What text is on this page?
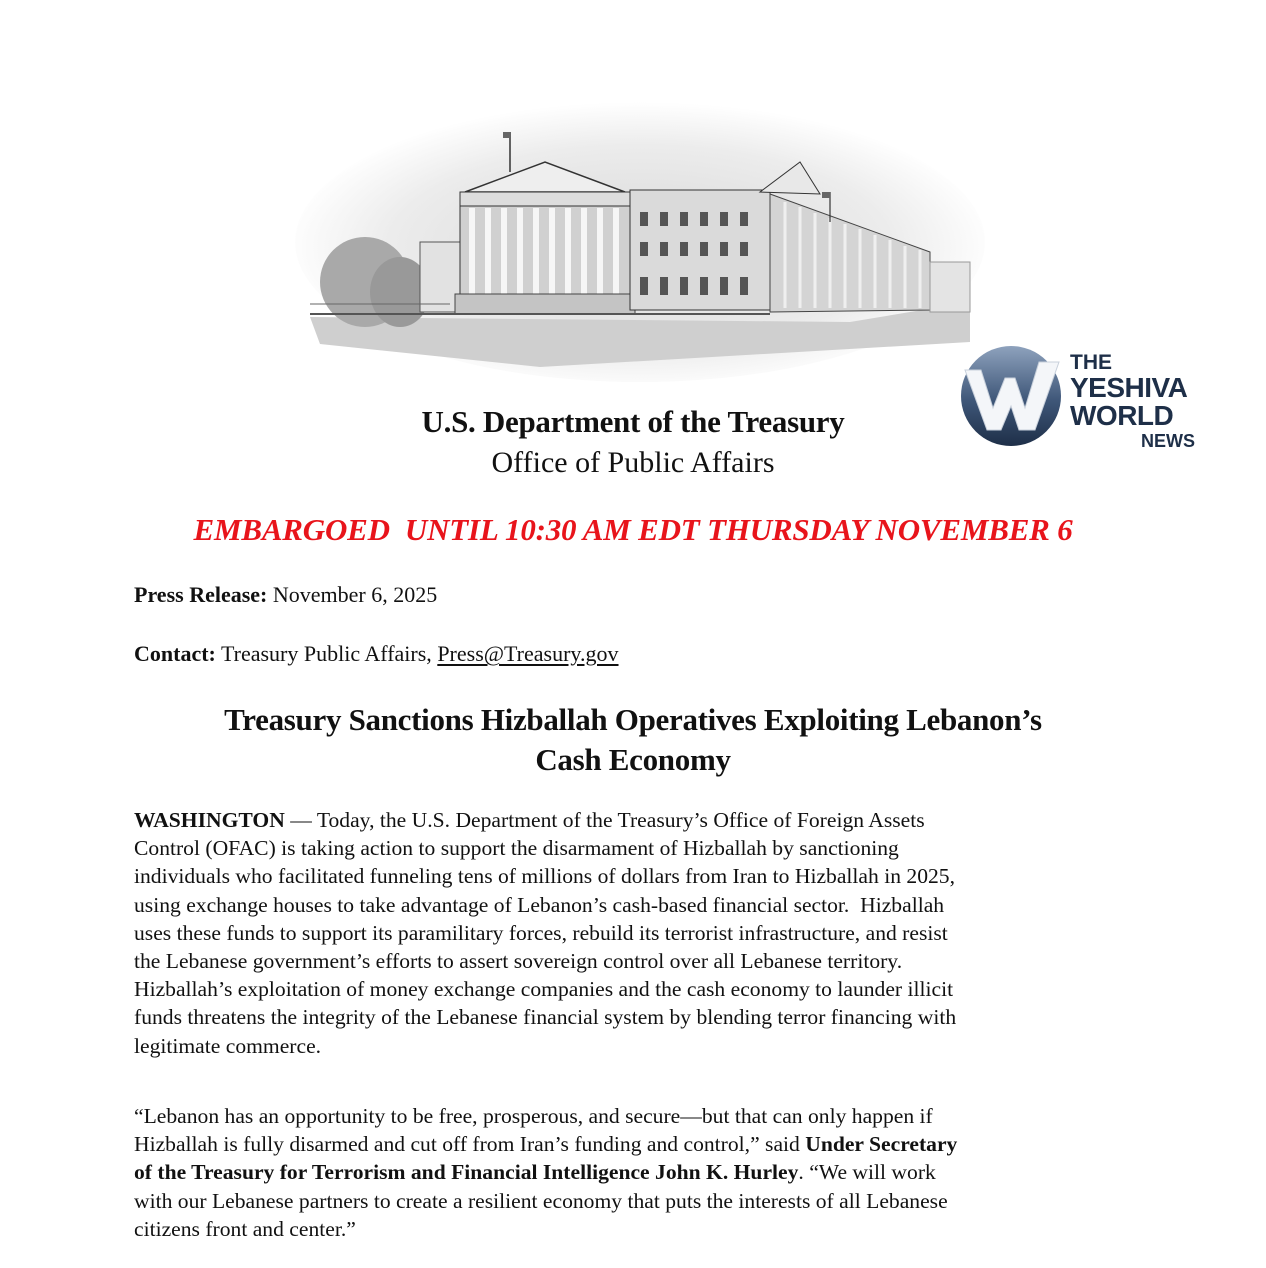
THE
YESHIVA
WORLD
NEWS
U.S. Department of the Treasury
Office of Public Affairs
EMBARGOED  UNTIL 10:30 AM EDT THURSDAY NOVEMBER 6
Press Release: November 6, 2025
Contact: Treasury Public Affairs, Press@Treasury.gov
Treasury Sanctions Hizballah Operatives Exploiting Lebanon’s
Cash Economy
WASHINGTON — Today, the U.S. Department of the Treasury’s Office of Foreign Assets
Control (OFAC) is taking action to support the disarmament of Hizballah by sanctioning
individuals who facilitated funneling tens of millions of dollars from Iran to Hizballah in 2025,
using exchange houses to take advantage of Lebanon’s cash-based financial sector.  Hizballah
uses these funds to support its paramilitary forces, rebuild its terrorist infrastructure, and resist
the Lebanese government’s efforts to assert sovereign control over all Lebanese territory.
Hizballah’s exploitation of money exchange companies and the cash economy to launder illicit
funds threatens the integrity of the Lebanese financial system by blending terror financing with
legitimate commerce.
“Lebanon has an opportunity to be free, prosperous, and secure—but that can only happen if
Hizballah is fully disarmed and cut off from Iran’s funding and control,” said Under Secretary
of the Treasury for Terrorism and Financial Intelligence John K. Hurley. “We will work
with our Lebanese partners to create a resilient economy that puts the interests of all Lebanese
citizens front and center.”
